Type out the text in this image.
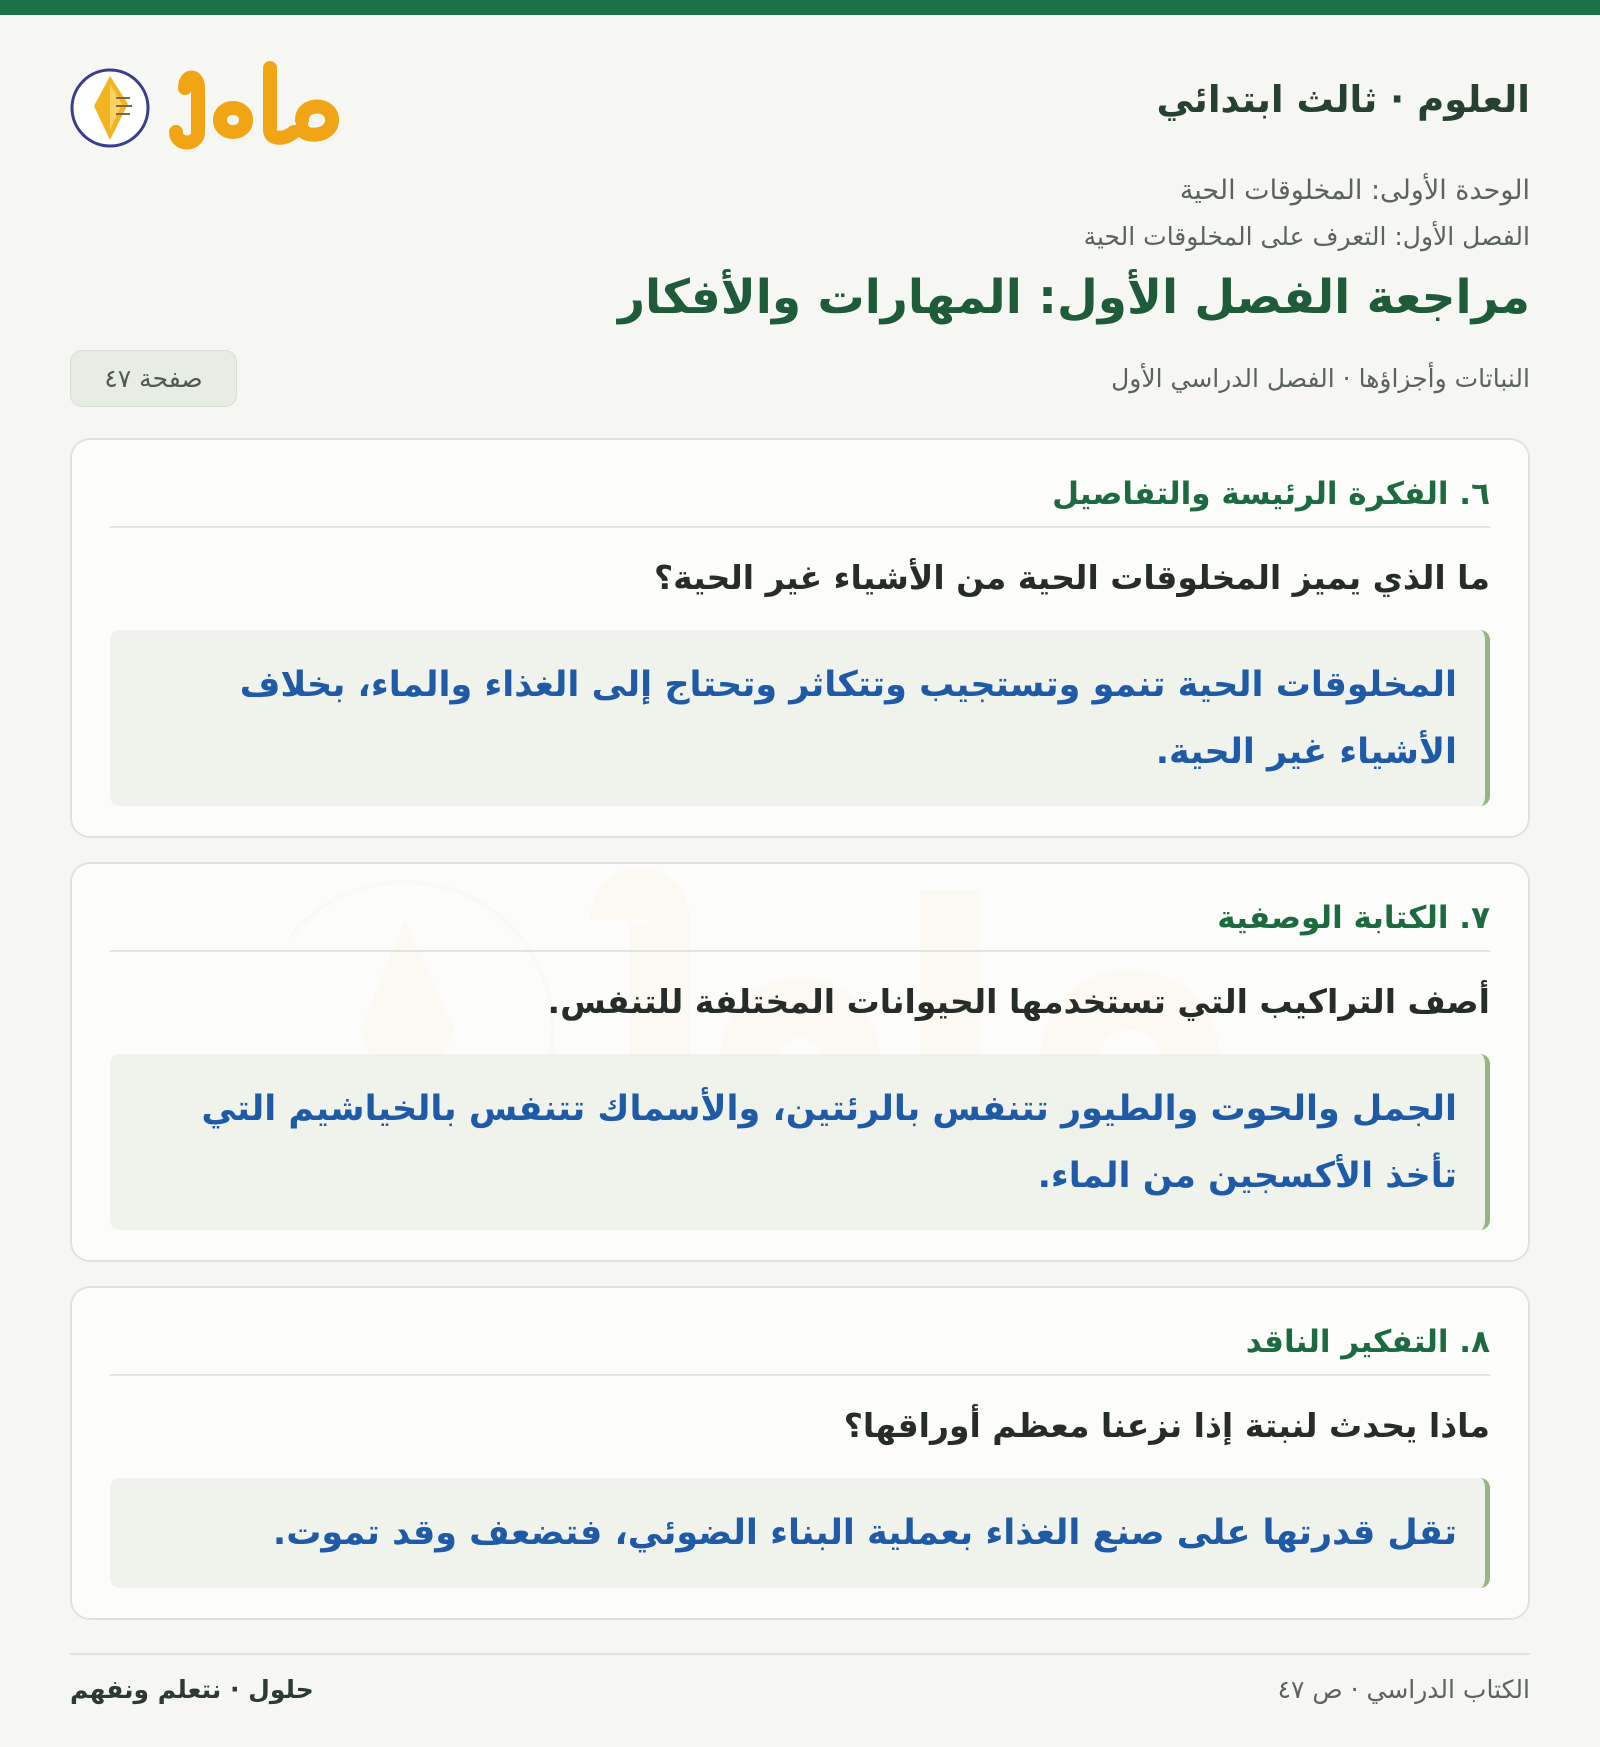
العلوم · ثالث ابتدائي
الوحدة الأولى: المخلوقات الحية
الفصل الأول: التعرف على المخلوقات الحية
مراجعة الفصل الأول: المهارات والأفكار
النباتات وأجزاؤها · الفصل الدراسي الأول
صفحة ٤٧
٦. الفكرة الرئيسة والتفاصيل
ما الذي يميز المخلوقات الحية من الأشياء غير الحية؟
المخلوقات الحية تنمو وتستجيب وتتكاثر وتحتاج إلى الغذاء والماء، بخلاف الأشياء غير الحية.
٧. الكتابة الوصفية
أصف التراكيب التي تستخدمها الحيوانات المختلفة للتنفس.
الجمل والحوت والطيور تتنفس بالرئتين، والأسماك تتنفس بالخياشيم التي تأخذ الأكسجين من الماء.
٨. التفكير الناقد
ماذا يحدث لنبتة إذا نزعنا معظم أوراقها؟
تقل قدرتها على صنع الغذاء بعملية البناء الضوئي، فتضعف وقد تموت.
الكتاب الدراسي · ص ٤٧
حلول · نتعلم ونفهم
